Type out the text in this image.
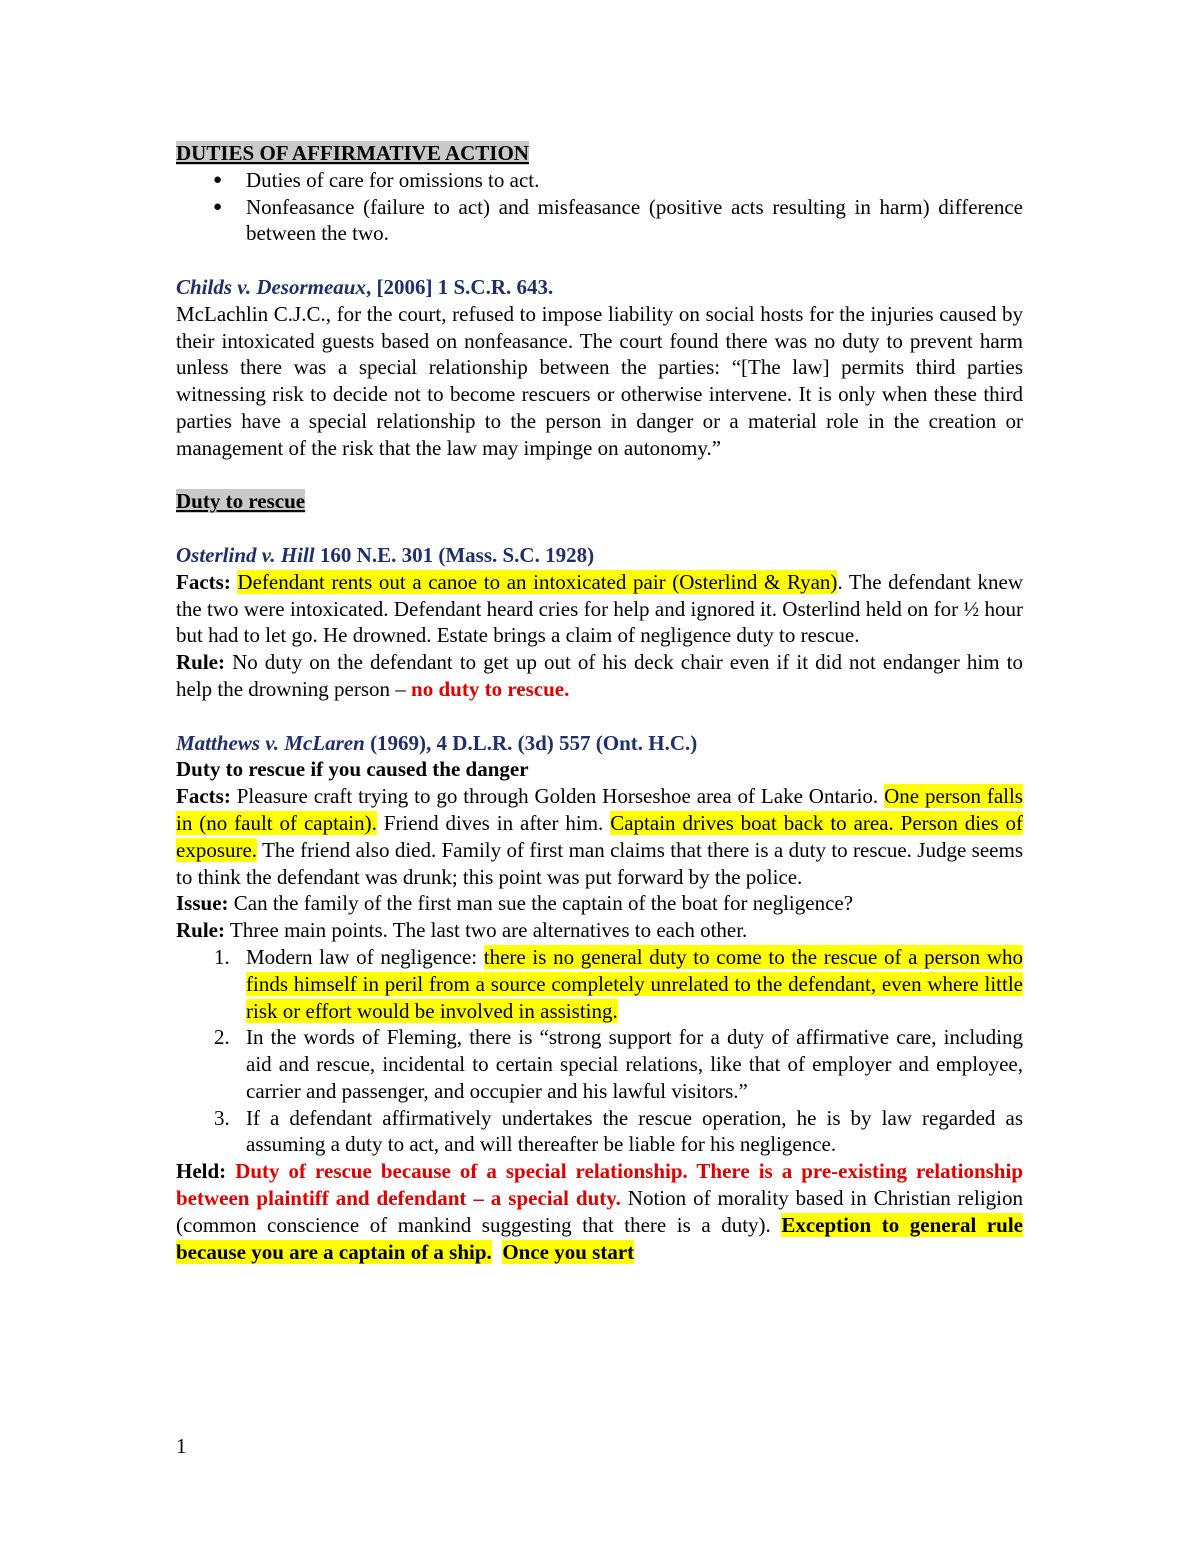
DUTIES OF AFFIRMATIVE ACTION
● Duties of care for omissions to act.
● Nonfeasance (failure to act) and misfeasance (positive acts resulting in harm) difference between the two.
Childs v. Desormeaux, [2006] 1 S.C.R. 643.
McLachlin C.J.C., for the court, refused to impose liability on social hosts for the injuries caused by their intoxicated guests based on nonfeasance. The court found there was no duty to prevent harm unless there was a special relationship between the parties: “[The law] permits third parties witnessing risk to decide not to become rescuers or otherwise intervene. It is only when these third parties have a special relationship to the person in danger or a material role in the creation or management of the risk that the law may impinge on autonomy.”
Duty to rescue
Osterlind v. Hill 160 N.E. 301 (Mass. S.C. 1928)
Facts: Defendant rents out a canoe to an intoxicated pair (Osterlind & Ryan). The defendant knew the two were intoxicated. Defendant heard cries for help and ignored it. Osterlind held on for ½ hour but had to let go. He drowned. Estate brings a claim of negligence duty to rescue.
Rule: No duty on the defendant to get up out of his deck chair even if it did not endanger him to help the drowning person – no duty to rescue.
Matthews v. McLaren (1969), 4 D.L.R. (3d) 557 (Ont. H.C.)
Duty to rescue if you caused the danger
Facts: Pleasure craft trying to go through Golden Horseshoe area of Lake Ontario. One person falls in (no fault of captain). Friend dives in after him. Captain drives boat back to area. Person dies of exposure. The friend also died. Family of first man claims that there is a duty to rescue. Judge seems to think the defendant was drunk; this point was put forward by the police.
Issue: Can the family of the first man sue the captain of the boat for negligence?
Rule: Three main points. The last two are alternatives to each other.
1. Modern law of negligence: there is no general duty to come to the rescue of a person who finds himself in peril from a source completely unrelated to the defendant, even where little risk or effort would be involved in assisting.
2. In the words of Fleming, there is “strong support for a duty of affirmative care, including aid and rescue, incidental to certain special relations, like that of employer and employee, carrier and passenger, and occupier and his lawful visitors.”
3. If a defendant affirmatively undertakes the rescue operation, he is by law regarded as assuming a duty to act, and will thereafter be liable for his negligence.
Held: Duty of rescue because of a special relationship. There is a pre-existing relationship between plaintiff and defendant – a special duty. Notion of morality based in Christian religion (common conscience of mankind suggesting that there is a duty). Exception to general rule because you are a captain of a ship. Once you start
1
